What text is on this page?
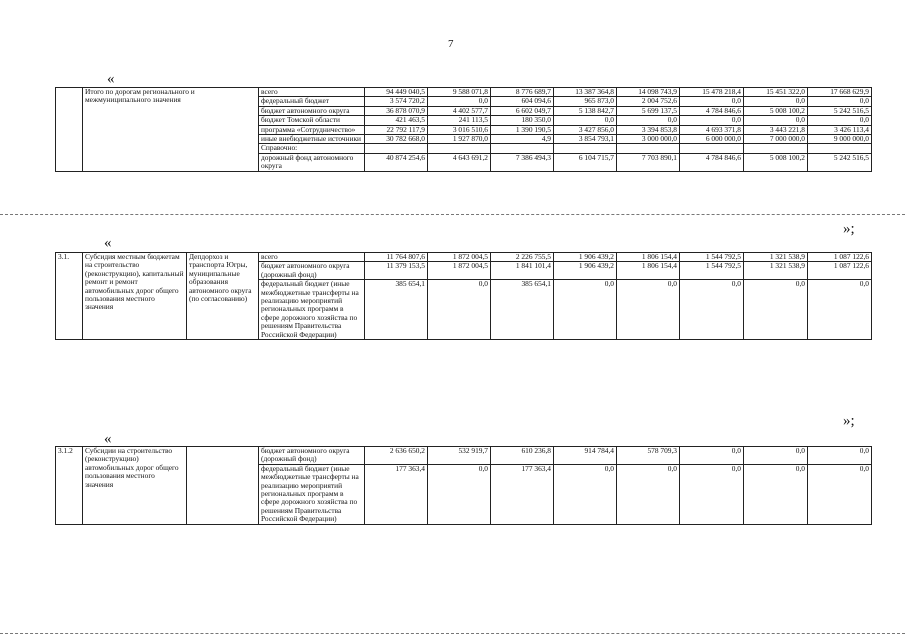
7
«
	Итого по дорогам регионального и межмуниципального значения	всего	94 449 040,5	9 588 071,8	8 776 689,7	13 387 364,8	14 098 743,9	15 478 218,4	15 451 322,0	17 668 629,9
		федеральный бюджет	3 574 720,2	0,0	604 094,6	965 873,0	2 004 752,6	0,0	0,0	0,0
		бюджет автономного округа	36 878 070,9	4 402 577,7	6 602 049,7	5 138 842,7	5 699 137,5	4 784 846,6	5 008 100,2	5 242 516,5
		бюджет Томской области	421 463,5	241 113,5	180 350,0	0,0	0,0	0,0	0,0	0,0
		программа «Сотрудничество»	22 792 117,9	3 016 510,6	1 390 190,5	3 427 856,0	3 394 853,8	4 693 371,8	3 443 221,8	3 426 113,4
		иные внебюджетные источники	30 782 668,0	1 927 870,0	4,9	3 854 793,1	3 000 000,0	6 000 000,0	7 000 000,0	9 000 000,0
		Справочно:								
		дорожный фонд автономного округа	40 874 254,6	4 643 691,2	7 386 494,3	6 104 715,7	7 703 890,1	4 784 846,6	5 008 100,2	5 242 516,5
»;
«
3.1.	Субсидия местным бюджетам на строительство (реконструкцию), капитальный ремонт и ремонт автомобильных дорог общего пользования местного значения	Депдорхоз и транспорта Югры, муниципальные образования автономного округа (по согласованию)	всего	11 764 807,6	1 872 004,5	2 226 755,5	1 906 439,2	1 806 154,4	1 544 792,5	1 321 538,9	1 087 122,6
			бюджет автономного округа (дорожный фонд)	11 379 153,5	1 872 004,5	1 841 101,4	1 906 439,2	1 806 154,4	1 544 792,5	1 321 538,9	1 087 122,6
			федеральный бюджет (иные межбюджетные трансферты на реализацию мероприятий региональных программ в сфере дорожного хозяйства по решениям Правительства Российской Федерации)	385 654,1	0,0	385 654,1	0,0	0,0	0,0	0,0	0,0
»;
«
3.1.2	Субсидии на строительство (реконструкцию) автомобильных дорог общего пользования местного значения		бюджет автономного округа (дорожный фонд)	2 636 650,2	532 919,7	610 236,8	914 784,4	578 709,3	0,0	0,0	0,0
			федеральный бюджет (иные межбюджетные трансферты на реализацию мероприятий региональных программ в сфере дорожного хозяйства по решениям Правительства Российской Федерации)	177 363,4	0,0	177 363,4	0,0	0,0	0,0	0,0	0,0
